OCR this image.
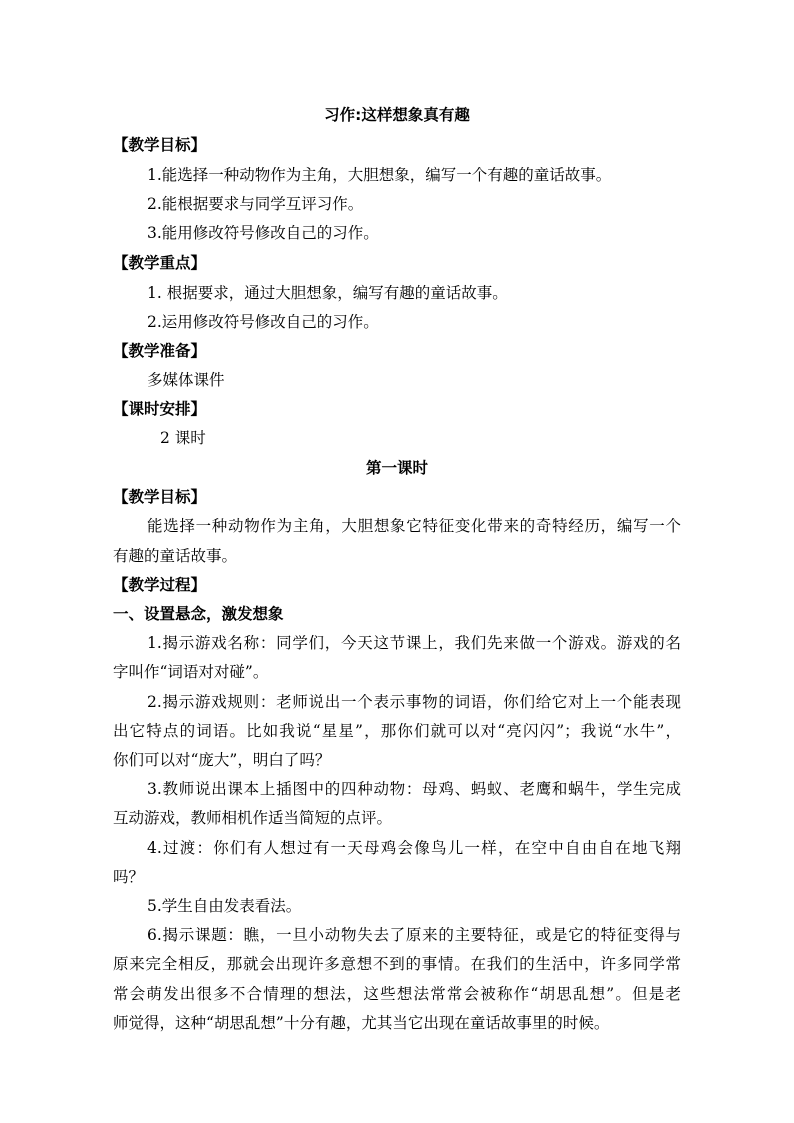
习作:这样想象真有趣
【教学目标】
1.能选择一种动物作为主角，大胆想象，编写一个有趣的童话故事。
2.能根据要求与同学互评习作。
3.能用修改符号修改自己的习作。
【教学重点】
1. 根据要求，通过大胆想象，编写有趣的童话故事。
2.运用修改符号修改自己的习作。
【教学准备】
多媒体课件
【课时安排】
2 课时
第一课时
【教学目标】
能选择一种动物作为主角，大胆想象它特征变化带来的奇特经历，编写一个
有趣的童话故事。
【教学过程】
一、设置悬念，激发想象
1.揭示游戏名称：同学们，今天这节课上，我们先来做一个游戏。游戏的名
字叫作“词语对对碰”。
2.揭示游戏规则：老师说出一个表示事物的词语，你们给它对上一个能表现
出它特点的词语。比如我说“星星”，那你们就可以对“亮闪闪”；我说“水牛”，
你们可以对“庞大”，明白了吗？
3.教师说出课本上插图中的四种动物：母鸡、蚂蚁、老鹰和蜗牛，学生完成
互动游戏，教师相机作适当简短的点评。
4.过渡：你们有人想过有一天母鸡会像鸟儿一样，在空中自由自在地飞翔
吗？
5.学生自由发表看法。
6.揭示课题：瞧，一旦小动物失去了原来的主要特征，或是它的特征变得与
原来完全相反，那就会出现许多意想不到的事情。在我们的生活中，许多同学常
常会萌发出很多不合情理的想法，这些想法常常会被称作“胡思乱想”。但是老
师觉得，这种“胡思乱想”十分有趣，尤其当它出现在童话故事里的时候。
